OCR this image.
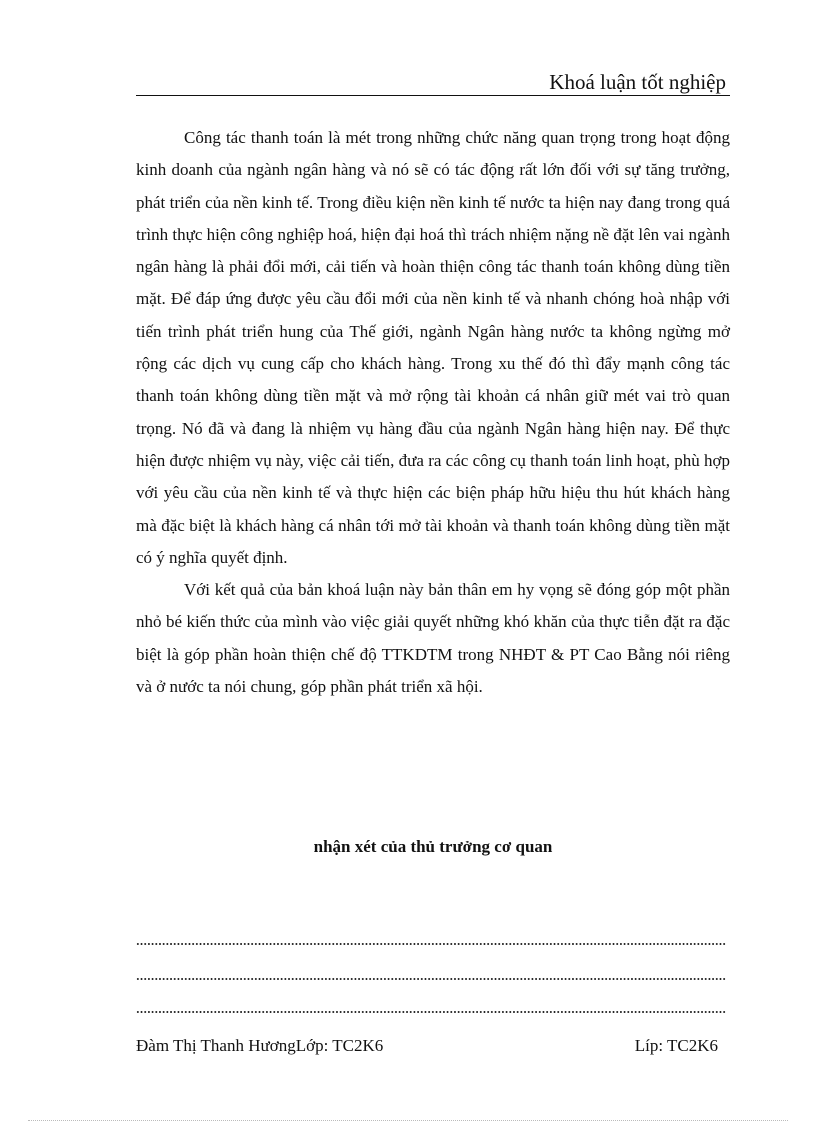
Khoá luận tốt nghiệp

Công tác thanh toán là mét trong những chức năng quan trọng trong hoạt động kinh doanh của ngành ngân hàng và nó sẽ có tác động rất lớn đối với sự tăng trưởng, phát triển của nền kinh tế. Trong điều kiện nền kinh tế nước ta hiện nay đang trong quá trình thực hiện công nghiệp hoá, hiện đại hoá thì trách nhiệm nặng nề đặt lên vai ngành ngân hàng là phải đổi mới, cải tiến và hoàn thiện công tác thanh toán không dùng tiền mặt. Để đáp ứng được yêu cầu đổi mới của nền kinh tế và nhanh chóng hoà nhập với tiến trình phát triển hung của Thế giới, ngành Ngân hàng nước ta không ngừng mở rộng các dịch vụ cung cấp cho khách hàng. Trong xu thế đó thì đẩy mạnh công tác thanh toán không dùng tiền mặt và mở rộng tài khoản cá nhân giữ mét vai trò quan trọng. Nó đã và đang là nhiệm vụ hàng đầu của ngành Ngân hàng hiện nay. Để thực hiện được nhiệm vụ này, việc cải tiến, đưa ra các công cụ thanh toán linh hoạt, phù hợp với yêu cầu của nền kinh tế và thực hiện các biện pháp hữu hiệu thu hút khách hàng mà đặc biệt là khách hàng cá nhân tới mở tài khoản và thanh toán không dùng tiền mặt có ý nghĩa quyết định.

Với kết quả của bản khoá luận này bản thân em hy vọng sẽ đóng góp một phần nhỏ bé kiến thức của mình vào việc giải quyết những khó khăn của thực tiễn đặt ra đặc biệt là góp phần hoàn thiện chế độ TTKDTM trong NHĐT & PT Cao Bằng nói riêng và ở nước ta nói chung, góp phần phát triển xã hội.

nhận xét của thủ trưởng cơ quan
Đàm Thị Thanh HươngLớp: TC2K6	Líp: TC2K6
